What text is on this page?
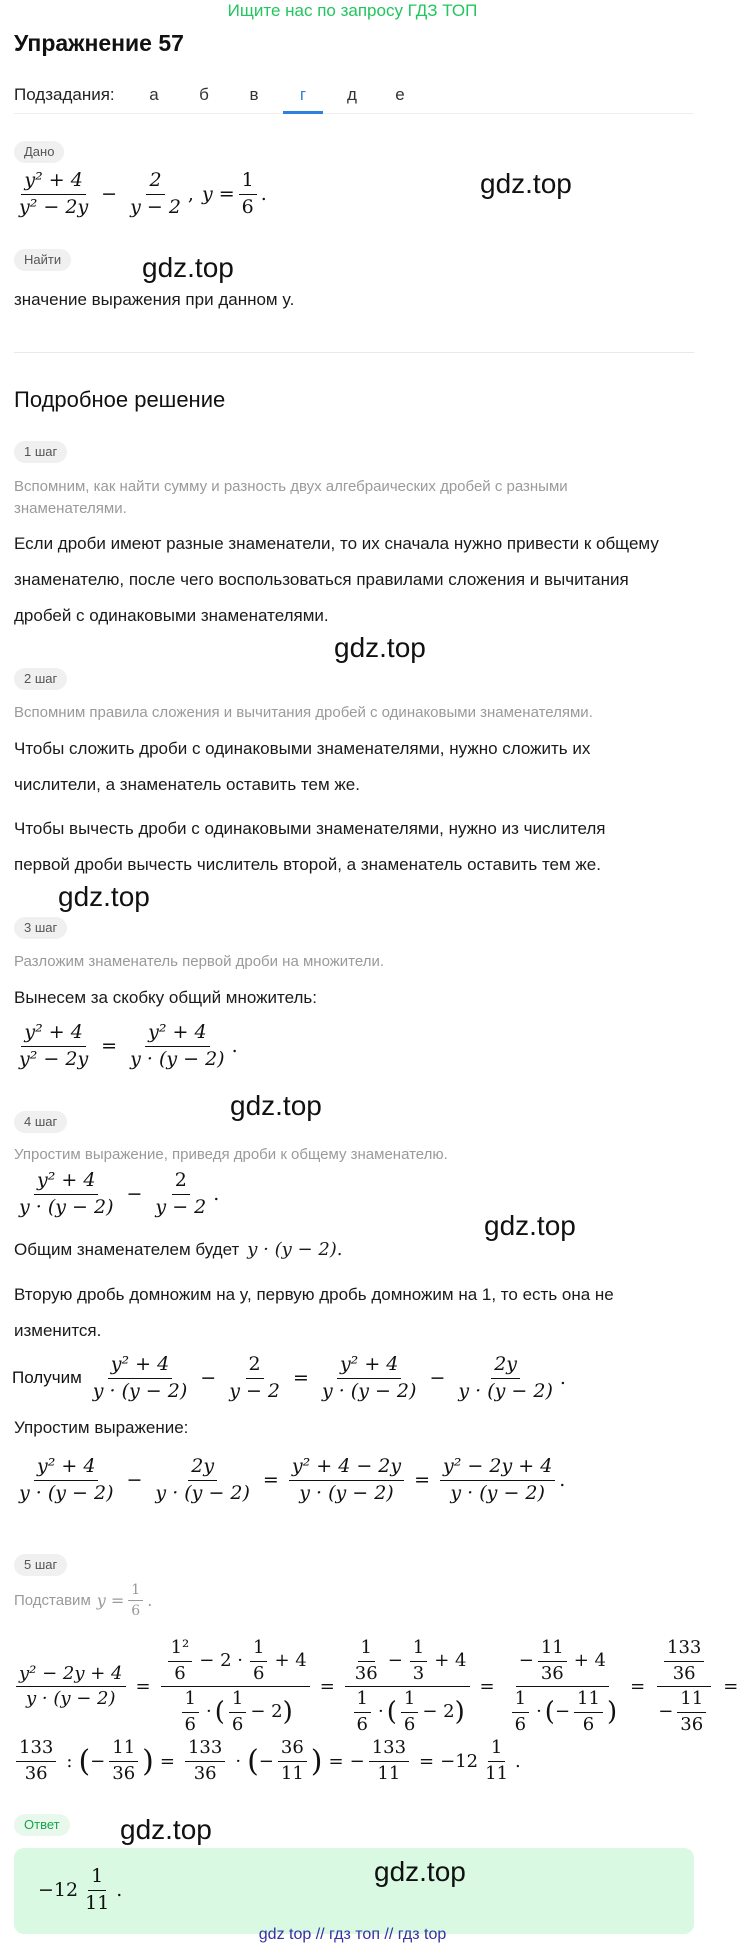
Ищите нас по запросу ГДЗ ТОП
Упражнение 57
Подзадания:	а	б	в	г	д	е
Дано
$\frac{\text{y² + 4}}{\text{y² − 2y}} - \frac{2}{y - 2}$ , $y = \frac{1}{6}$ .	gdz.top
Найти	gdz.top
значение выражения при данном y.
Подробное решение
1 шаг
Вспомним, как найти сумму и разность двух алгебраических дробей с разными знаменателями.
Если дроби имеют разные знаменатели, то их сначала нужно привести к общему знаменателю, после чего воспользоваться правилами сложения и вычитания дробей с одинаковыми знаменателями.
gdz.top
2 шаг
Вспомним правила сложения и вычитания дробей с одинаковыми знаменателями.
Чтобы сложить дроби с одинаковыми знаменателями, нужно сложить их числители, а знаменатель оставить тем же.
Чтобы вычесть дроби с одинаковыми знаменателями, нужно из числителя первой дроби вычесть числитель второй, а знаменатель оставить тем же.
gdz.top
3 шаг
Разложим знаменатель первой дроби на множители.
Вынесем за скобку общий множитель:
$\frac{\text{y² + 4}}{\text{y² − 2y}} = \frac{\text{y² + 4}}{y \cdot (y - 2)}$ .
gdz.top
4 шаг
Упростим выражение, приведя дроби к общему знаменателю.
$\frac{\text{y² + 4}}{y \cdot (y - 2)} - \frac{2}{y - 2}$ .
gdz.top
Общим знаменателем будет y · (y − 2).
Вторую дробь домножим на y, первую дробь домножим на 1, то есть она не изменится.
Получим $\frac{\text{y² + 4}}{y \cdot (y - 2)} - \frac{2}{y - 2} = \frac{\text{y² + 4}}{y \cdot (y - 2)} - \frac{2y}{y \cdot (y - 2)}$ .
Упростим выражение:
$\frac{\text{y² + 4}}{y \cdot (y - 2)} - \frac{2y}{y \cdot (y - 2)} = \frac{\text{y² + 4 − 2y}}{y \cdot (y - 2)} = \frac{\text{y² − 2y + 4}}{y \cdot (y - 2)}$ .
5 шаг
Подставим $y = \frac{1}{6}$ .
$\frac{\text{y² − 2y + 4}}{y \cdot (y - 2)} = \frac{\frac{\text{1²}}{6} - 2 \cdot \frac{1}{6} + 4}{\frac{1}{6} \cdot ( \frac{1}{6} - 2 )} = \frac{\frac{1}{36} - \frac{1}{3} + 4}{\frac{1}{6} \cdot ( \frac{1}{6} - 2 )} = \frac{- \frac{11}{36} + 4}{\frac{1}{6} \cdot ( - \frac{11}{6} )} = \frac{\frac{133}{36}}{- \frac{11}{36}}$ =
$\frac{133}{36}$ : ( − $\frac{11}{36}$ ) = $\frac{133}{36}$ · ( − $\frac{36}{11}$ ) = − $\frac{133}{11} = -12 \frac{1}{11}$ .
Ответ	gdz.top
$-12 \frac{1}{11}$ .
gdz.top
gdz top // гдз топ // гдз top
